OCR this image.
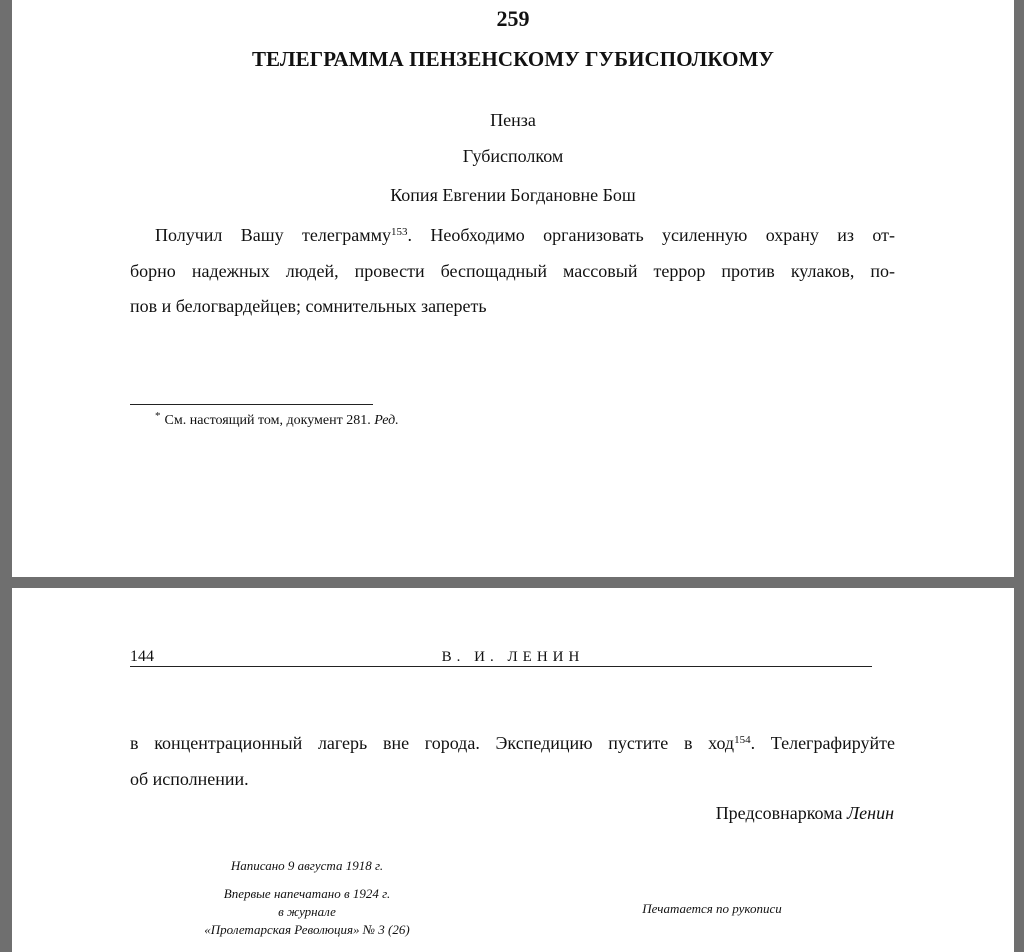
259
ТЕЛЕГРАММА ПЕНЗЕНСКОМУ ГУБИСПОЛКОМУ
Пенза
Губисполком
Копия Евгении Богдановне Бош
Получил Вашу телеграмму$^{153}$. Необходимо организовать усиленную охрану из от-
борно надежных людей, провести беспощадный массовый террор против кулаков, по-
пов и белогвардейцев; сомнительных запереть
* См. настоящий том, документ 281. Ред.
144	В. И. ЛЕНИН
в концентрационный лагерь вне города. Экспедицию пустите в ход$^{154}$. Телеграфируйте
об исполнении.
Предсовнаркома Ленин
Написано 9 августа 1918 г.
Впервые напечатано в 1924 г.
в журнале
«Пролетарская Революция» № 3 (26)
Печатается по рукописи
